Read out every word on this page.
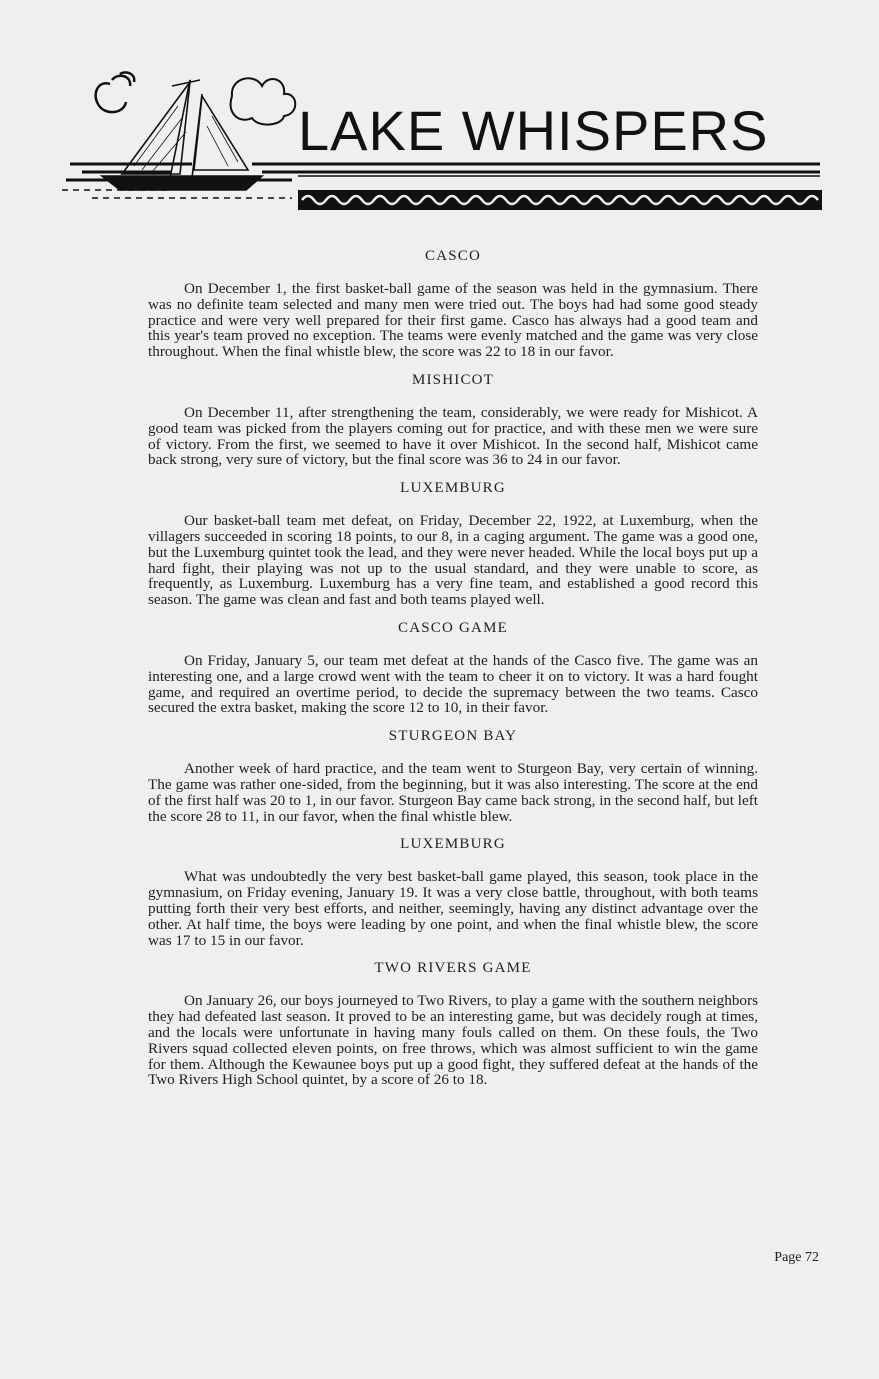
LAKE WHISPERS
CASCO

On December 1, the first basket-ball game of the season was held in the gymnasium. There was no definite team selected and many men were tried out. The boys had had some good steady practice and were very well prepared for their first game. Casco has always had a good team and this year's team proved no exception. The teams were evenly matched and the game was very close throughout. When the final whistle blew, the score was 22 to 18 in our favor.

MISHICOT

On December 11, after strengthening the team, considerably, we were ready for Mishicot. A good team was picked from the players coming out for practice, and with these men we were sure of victory. From the first, we seemed to have it over Mishicot. In the second half, Mishicot came back strong, very sure of victory, but the final score was 36 to 24 in our favor.

LUXEMBURG

Our basket-ball team met defeat, on Friday, December 22, 1922, at Luxemburg, when the villagers succeeded in scoring 18 points, to our 8, in a caging argument. The game was a good one, but the Luxemburg quintet took the lead, and they were never headed. While the local boys put up a hard fight, their playing was not up to the usual standard, and they were unable to score, as frequently, as Luxemburg. Luxemburg has a very fine team, and established a good record this season. The game was clean and fast and both teams played well.

CASCO GAME

On Friday, January 5, our team met defeat at the hands of the Casco five. The game was an interesting one, and a large crowd went with the team to cheer it on to victory. It was a hard fought game, and required an overtime period, to decide the supremacy between the two teams. Casco secured the extra basket, making the score 12 to 10, in their favor.

STURGEON BAY

Another week of hard practice, and the team went to Sturgeon Bay, very certain of winning. The game was rather one-sided, from the beginning, but it was also interesting. The score at the end of the first half was 20 to 1, in our favor. Sturgeon Bay came back strong, in the second half, but left the score 28 to 11, in our favor, when the final whistle blew.

LUXEMBURG

What was undoubtedly the very best basket-ball game played, this season, took place in the gymnasium, on Friday evening, January 19. It was a very close battle, throughout, with both teams putting forth their very best efforts, and neither, seemingly, having any distinct advantage over the other. At half time, the boys were leading by one point, and when the final whistle blew, the score was 17 to 15 in our favor.

TWO RIVERS GAME

On January 26, our boys journeyed to Two Rivers, to play a game with the southern neighbors they had defeated last season. It proved to be an interesting game, but was decidely rough at times, and the locals were unfortunate in having many fouls called on them. On these fouls, the Two Rivers squad collected eleven points, on free throws, which was almost sufficient to win the game for them. Although the Kewaunee boys put up a good fight, they suffered defeat at the hands of the Two Rivers High School quintet, by a score of 26 to 18.

Page 72
